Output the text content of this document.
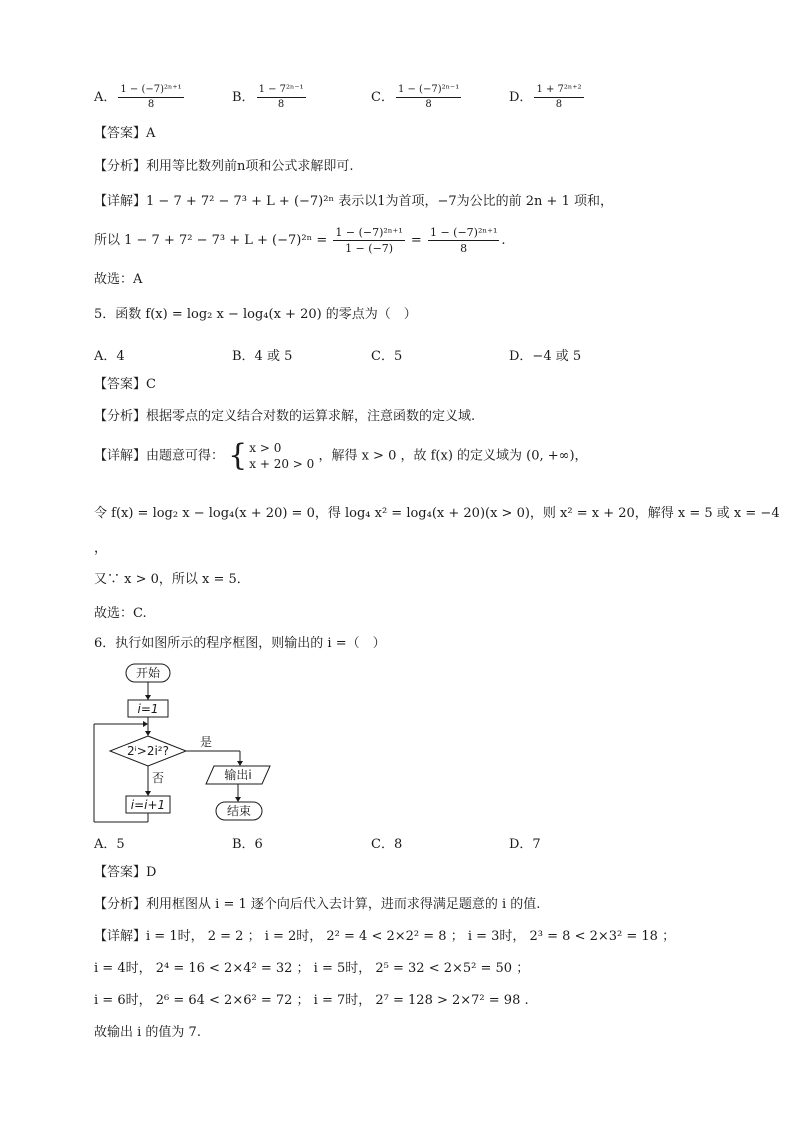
A． $\frac{\text{1 − (−7)²ⁿ⁺¹}}{8}$	B． $\frac{\text{1 − 7²ⁿ⁻¹}}{8}$	C． $\frac{\text{1 − (−7)²ⁿ⁻¹}}{8}$	D． $\frac{\text{1 + 7²ⁿ⁺²}}{8}$
【答案】A
【分析】利用等比数列前n项和公式求解即可.
【详解】1 − 7 + 7² − 7³ + L + (−7)²ⁿ 表示以1为首项，−7为公比的前 2n + 1 项和，
所以 $1 - 7 + 7^2 - 7^3 + L + (-7)^{2n} = \frac{\text{1 − (−7)²ⁿ⁺¹}}{1 - (-7)} = \frac{\text{1 − (−7)²ⁿ⁺¹}}{8}$ .
故选：A
5．函数 f(x) = log₂ x − log₄(x + 20) 的零点为（　）
A．4	B．4 或 5	C．5	D．−4 或 5
【答案】C
【分析】根据零点的定义结合对数的运算求解，注意函数的定义域.
【详解】由题意可得： { x > 0
x + 20 > 0
，解得 x > 0 ，故 f(x) 的定义域为 (0, +∞)，
令 f(x) = log₂ x − log₄(x + 20) = 0，得 log₄ x² = log₄(x + 20)(x > 0)，则 x² = x + 20，解得 x = 5 或 x = −4
，
又∵ x > 0，所以 x = 5．
故选：C.
6．执行如图所示的程序框图，则输出的 i =（　）
开始
i=1
2ⁱ>2i²?
是
输出i
结束
否
i=i+1
A．5	B．6	C．8	D．7
【答案】D
【分析】利用框图从 i = 1 逐个向后代入去计算，进而求得满足题意的 i 的值.
【详解】i = 1时， 2 = 2 ； i = 2时， 2² = 4 < 2×2² = 8 ； i = 3时， 2³ = 8 < 2×3² = 18 ；
i = 4时， 2⁴ = 16 < 2×4² = 32 ； i = 5时， 2⁵ = 32 < 2×5² = 50 ；
i = 6时， 2⁶ = 64 < 2×6² = 72 ； i = 7时， 2⁷ = 128 > 2×7² = 98 .
故输出 i 的值为 7.
